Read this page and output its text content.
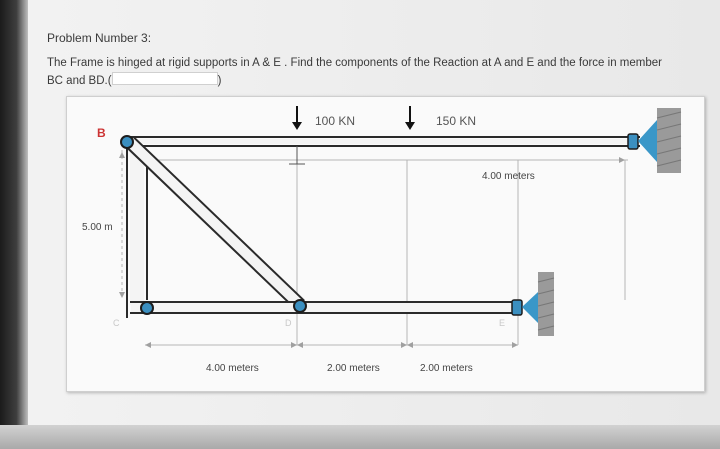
Problem Number 3:
The Frame is hinged at rigid supports in A & E . Find the components of the Reaction at A and E and the force in member
BC and BD.(	)
B
C	D	E
100 KN	150 KN
5.00 m
4.00 meters
4.00 meters	2.00 meters	2.00 meters
